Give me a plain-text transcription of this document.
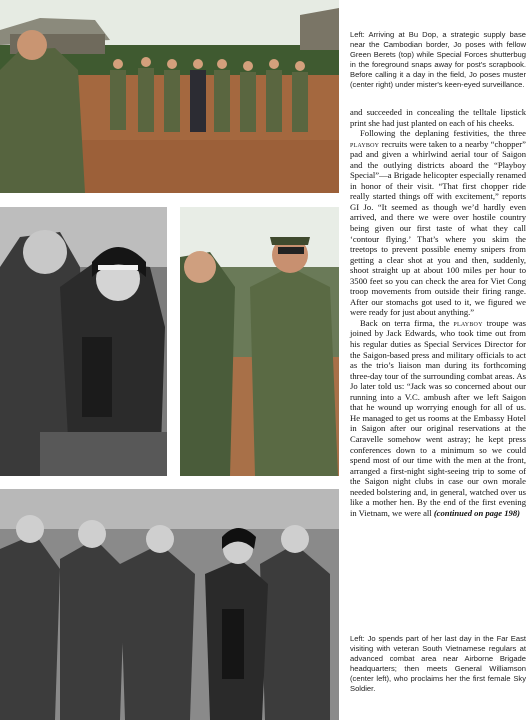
Left: Arriving at Bu Dop, a strategic supply base near the Cambodian border, Jo poses with fellow Green Berets (top) while Special Forces shutterbug in the foreground snaps away for post's scrapbook. Before calling it a day in the field, Jo poses muster (center right) under mister's keen-eyed surveillance.

and succeeded in concealing the telltale lipstick print she had just planted on each of his cheeks.

Following the deplaning festivities, the three playboy recruits were taken to a nearby “chopper” pad and given a whirlwind aerial tour of Saigon and the outlying districts aboard the “Playboy Special”—a Brigade helicopter especially renamed in honor of their visit. “That first chopper ride really started things off with excitement,” reports GI Jo. “It seemed as though we’d hardly even arrived, and there we were over hostile country being given our first taste of what they call ‘contour flying.’ That’s where you skim the treetops to prevent possible enemy snipers from getting a clear shot at you and then, suddenly, shoot straight up at about 100 miles per hour to 3500 feet so you can check the area for Viet Cong troop movements from outside their firing range. After our stomachs got used to it, we figured we were ready for just about anything.”

Back on terra firma, the playboy troupe was joined by Jack Edwards, who took time out from his regular duties as Special Services Director for the Saigon-based press and military officials to act as the trio’s liaison man during its forthcoming three-day tour of the surrounding combat areas. As Jo later told us: “Jack was so concerned about our running into a V.C. ambush after we left Saigon that he wound up worrying enough for all of us. He managed to get us rooms at the Embassy Hotel in Saigon after our original reservations at the Caravelle somehow went astray; he kept press conferences down to a minimum so we could spend most of our time with the men at the front, arranged a first-night sight-seeing trip to some of the Saigon night clubs in case our own morale needed bolstering and, in general, watched over us like a mother hen. By the end of the first evening in Vietnam, we were all (continued on page 198)

Left: Jo spends part of her last day in the Far East visiting with veteran South Vietnamese regulars at advanced combat area near Airborne Brigade headquarters; then meets General Williamson (center left), who proclaims her the first female Sky Soldier.
